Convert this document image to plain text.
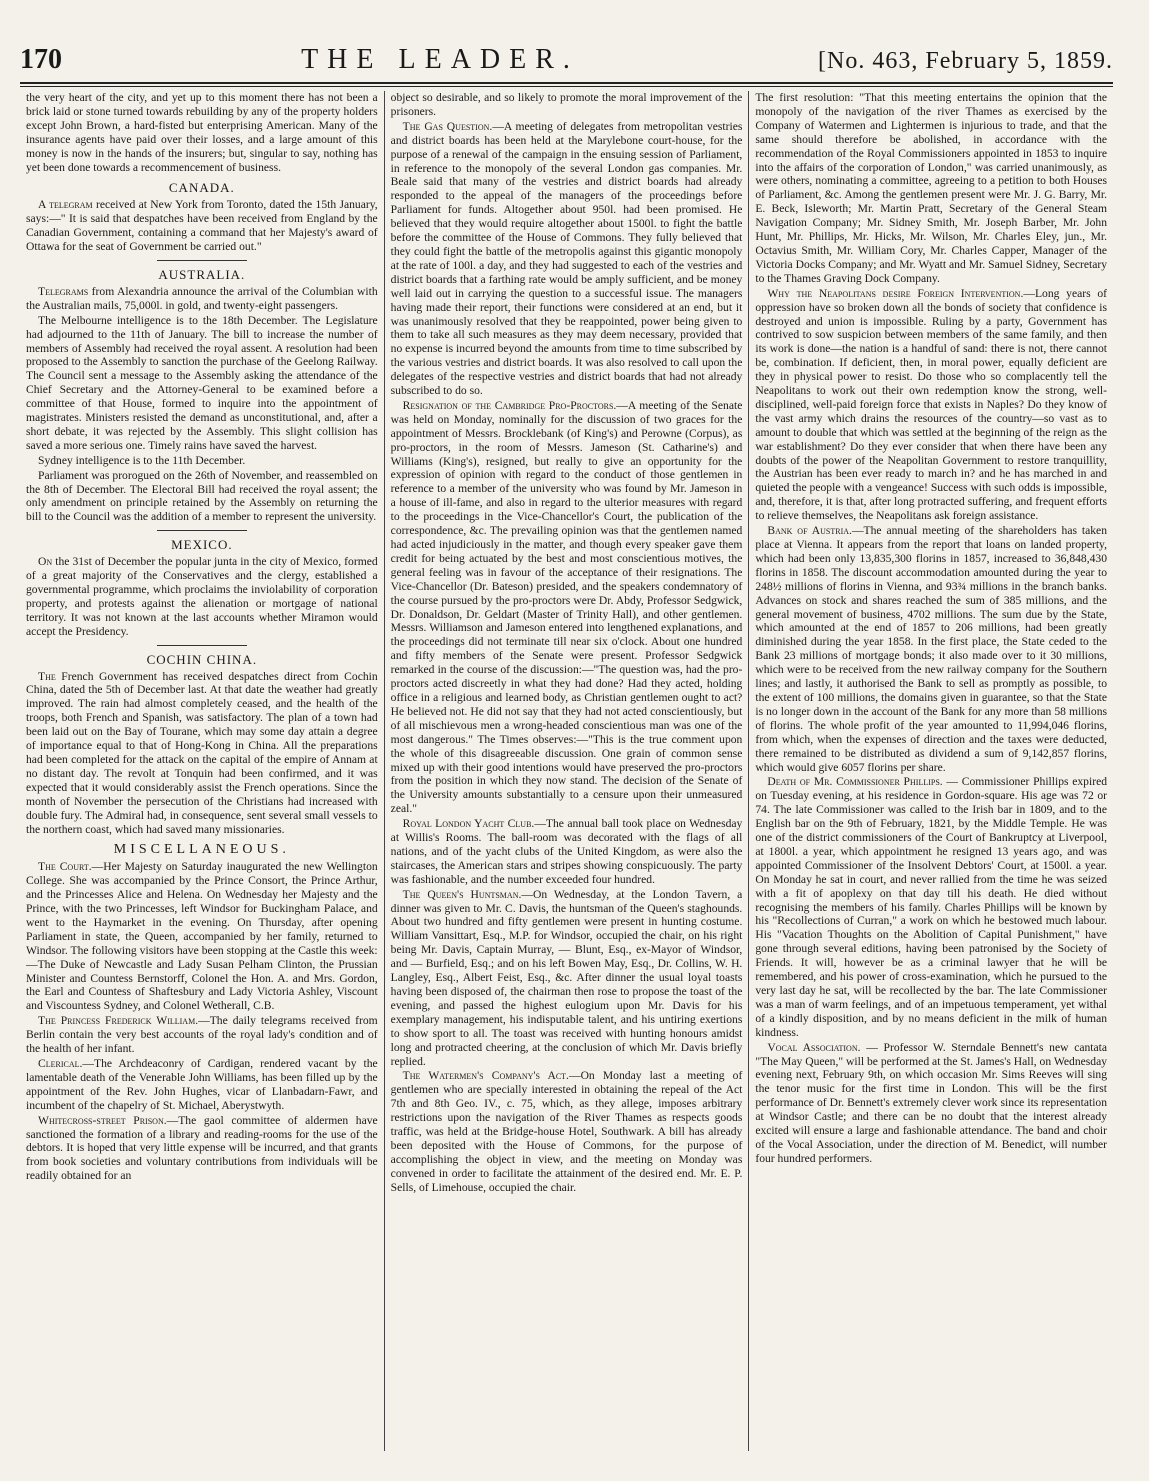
170	THE LEADER.	[No. 463, February 5, 1859.

the very heart of the city, and yet up to this moment there has not been a brick laid or stone turned towards rebuilding by any of the property holders except John Brown, a hard-fisted but enterprising American. Many of the insurance agents have paid over their losses, and a large amount of this money is now in the hands of the insurers; but, singular to say, nothing has yet been done towards a recommencement of business.

CANADA.

A telegram received at New York from Toronto, dated the 15th January, says:—" It is said that despatches have been received from England by the Canadian Government, containing a command that her Majesty's award of Ottawa for the seat of Government be carried out."

AUSTRALIA.

Telegrams from Alexandria announce the arrival of the Columbian with the Australian mails, 75,000l. in gold, and twenty-eight passengers.

The Melbourne intelligence is to the 18th December. The Legislature had adjourned to the 11th of January. The bill to increase the number of members of Assembly had received the royal assent. A resolution had been proposed to the Assembly to sanction the purchase of the Geelong Railway. The Council sent a message to the Assembly asking the attendance of the Chief Secretary and the Attorney-General to be examined before a committee of that House, formed to inquire into the appointment of magistrates. Ministers resisted the demand as unconstitutional, and, after a short debate, it was rejected by the Assembly. This slight collision has saved a more serious one. Timely rains have saved the harvest.

Sydney intelligence is to the 11th December.

Parliament was prorogued on the 26th of November, and reassembled on the 8th of December. The Electoral Bill had received the royal assent; the only amendment on principle retained by the Assembly on returning the bill to the Council was the addition of a member to represent the university.

MEXICO.

On the 31st of December the popular junta in the city of Mexico, formed of a great majority of the Conservatives and the clergy, established a governmental programme, which proclaims the inviolability of corporation property, and protests against the alienation or mortgage of national territory. It was not known at the last accounts whether Miramon would accept the Presidency.

COCHIN CHINA.

The French Government has received despatches direct from Cochin China, dated the 5th of December last. At that date the weather had greatly improved. The rain had almost completely ceased, and the health of the troops, both French and Spanish, was satisfactory. The plan of a town had been laid out on the Bay of Tourane, which may some day attain a degree of importance equal to that of Hong-Kong in China. All the preparations had been completed for the attack on the capital of the empire of Annam at no distant day. The revolt at Tonquin had been confirmed, and it was expected that it would considerably assist the French operations. Since the month of November the persecution of the Christians had increased with double fury. The Admiral had, in consequence, sent several small vessels to the northern coast, which had saved many missionaries.

MISCELLANEOUS.

The Court.—Her Majesty on Saturday inaugurated the new Wellington College. She was accompanied by the Prince Consort, the Prince Arthur, and the Princesses Alice and Helena. On Wednesday her Majesty and the Prince, with the two Princesses, left Windsor for Buckingham Palace, and went to the Haymarket in the evening. On Thursday, after opening Parliament in state, the Queen, accompanied by her family, returned to Windsor. The following visitors have been stopping at the Castle this week:—The Duke of Newcastle and Lady Susan Pelham Clinton, the Prussian Minister and Countess Bernstorff, Colonel the Hon. A. and Mrs. Gordon, the Earl and Countess of Shaftesbury and Lady Victoria Ashley, Viscount and Viscountess Sydney, and Colonel Wetherall, C.B.

The Princess Frederick William.—The daily telegrams received from Berlin contain the very best accounts of the royal lady's condition and of the health of her infant.

Clerical.—The Archdeaconry of Cardigan, rendered vacant by the lamentable death of the Venerable John Williams, has been filled up by the appointment of the Rev. John Hughes, vicar of Llanbadarn-Fawr, and incumbent of the chapelry of St. Michael, Aberystwyth.

Whitecross-street Prison.—The gaol committee of aldermen have sanctioned the formation of a library and reading-rooms for the use of the debtors. It is hoped that very little expense will be incurred, and that grants from book societies and voluntary contributions from individuals will be readily obtained for an

object so desirable, and so likely to promote the moral improvement of the prisoners.

The Gas Question.—A meeting of delegates from metropolitan vestries and district boards has been held at the Marylebone court-house, for the purpose of a renewal of the campaign in the ensuing session of Parliament, in reference to the monopoly of the several London gas companies. Mr. Beale said that many of the vestries and district boards had already responded to the appeal of the managers of the proceedings before Parliament for funds. Altogether about 950l. had been promised. He believed that they would require altogether about 1500l. to fight the battle before the committee of the House of Commons. They fully believed that they could fight the battle of the metropolis against this gigantic monopoly at the rate of 100l. a day, and they had suggested to each of the vestries and district boards that a farthing rate would be amply sufficient, and be money well laid out in carrying the question to a successful issue. The managers having made their report, their functions were considered at an end, but it was unanimously resolved that they be reappointed, power being given to them to take all such measures as they may deem necessary, provided that no expense is incurred beyond the amounts from time to time subscribed by the various vestries and district boards. It was also resolved to call upon the delegates of the respective vestries and district boards that had not already subscribed to do so.

Resignation of the Cambridge Pro-Proctors.—A meeting of the Senate was held on Monday, nominally for the discussion of two graces for the appointment of Messrs. Brocklebank (of King's) and Perowne (Corpus), as pro-proctors, in the room of Messrs. Jameson (St. Catharine's) and Williams (King's), resigned, but really to give an opportunity for the expression of opinion with regard to the conduct of those gentlemen in reference to a member of the university who was found by Mr. Jameson in a house of ill-fame, and also in regard to the ulterior measures with regard to the proceedings in the Vice-Chancellor's Court, the publication of the correspondence, &c. The prevailing opinion was that the gentlemen named had acted injudiciously in the matter, and though every speaker gave them credit for being actuated by the best and most conscientious motives, the general feeling was in favour of the acceptance of their resignations. The Vice-Chancellor (Dr. Bateson) presided, and the speakers condemnatory of the course pursued by the pro-proctors were Dr. Abdy, Professor Sedgwick, Dr. Donaldson, Dr. Geldart (Master of Trinity Hall), and other gentlemen. Messrs. Williamson and Jameson entered into lengthened explanations, and the proceedings did not terminate till near six o'clock. About one hundred and fifty members of the Senate were present. Professor Sedgwick remarked in the course of the discussion:—"The question was, had the pro-proctors acted discreetly in what they had done? Had they acted, holding office in a religious and learned body, as Christian gentlemen ought to act? He believed not. He did not say that they had not acted conscientiously, but of all mischievous men a wrong-headed conscientious man was one of the most dangerous." The Times observes:—"This is the true comment upon the whole of this disagreeable discussion. One grain of common sense mixed up with their good intentions would have preserved the pro-proctors from the position in which they now stand. The decision of the Senate of the University amounts substantially to a censure upon their unmeasured zeal."

Royal London Yacht Club.—The annual ball took place on Wednesday at Willis's Rooms. The ball-room was decorated with the flags of all nations, and of the yacht clubs of the United Kingdom, as were also the staircases, the American stars and stripes showing conspicuously. The party was fashionable, and the number exceeded four hundred.

The Queen's Huntsman.—On Wednesday, at the London Tavern, a dinner was given to Mr. C. Davis, the huntsman of the Queen's staghounds. About two hundred and fifty gentlemen were present in hunting costume. William Vansittart, Esq., M.P. for Windsor, occupied the chair, on his right being Mr. Davis, Captain Murray, — Blunt, Esq., ex-Mayor of Windsor, and — Burfield, Esq.; and on his left Bowen May, Esq., Dr. Collins, W. H. Langley, Esq., Albert Feist, Esq., &c. After dinner the usual loyal toasts having been disposed of, the chairman then rose to propose the toast of the evening, and passed the highest eulogium upon Mr. Davis for his exemplary management, his indisputable talent, and his untiring exertions to show sport to all. The toast was received with hunting honours amidst long and protracted cheering, at the conclusion of which Mr. Davis briefly replied.

The Watermen's Company's Act.—On Monday last a meeting of gentlemen who are specially interested in obtaining the repeal of the Act 7th and 8th Geo. IV., c. 75, which, as they allege, imposes arbitrary restrictions upon the navigation of the River Thames as respects goods traffic, was held at the Bridge-house Hotel, Southwark. A bill has already been deposited with the House of Commons, for the purpose of accomplishing the object in view, and the meeting on Monday was convened in order to facilitate the attainment of the desired end. Mr. E. P. Sells, of Limehouse, occupied the chair.

The first resolution: "That this meeting entertains the opinion that the monopoly of the navigation of the river Thames as exercised by the Company of Watermen and Lightermen is injurious to trade, and that the same should therefore be abolished, in accordance with the recommendation of the Royal Commissioners appointed in 1853 to inquire into the affairs of the corporation of London," was carried unanimously, as were others, nominating a committee, agreeing to a petition to both Houses of Parliament, &c. Among the gentlemen present were Mr. J. G. Barry, Mr. E. Beck, Isleworth; Mr. Martin Pratt, Secretary of the General Steam Navigation Company; Mr. Sidney Smith, Mr. Joseph Barber, Mr. John Hunt, Mr. Phillips, Mr. Hicks, Mr. Wilson, Mr. Charles Eley, jun., Mr. Octavius Smith, Mr. William Cory, Mr. Charles Capper, Manager of the Victoria Docks Company; and Mr. Wyatt and Mr. Samuel Sidney, Secretary to the Thames Graving Dock Company.

Why the Neapolitans desire Foreign Intervention.—Long years of oppression have so broken down all the bonds of society that confidence is destroyed and union is impossible. Ruling by a party, Government has contrived to sow suspicion between members of the same family, and then its work is done—the nation is a handful of sand: there is not, there cannot be, combination. If deficient, then, in moral power, equally deficient are they in physical power to resist. Do those who so complacently tell the Neapolitans to work out their own redemption know the strong, well-disciplined, well-paid foreign force that exists in Naples? Do they know of the vast army which drains the resources of the country—so vast as to amount to double that which was settled at the beginning of the reign as the war establishment? Do they ever consider that when there have been any doubts of the power of the Neapolitan Government to restore tranquillity, the Austrian has been ever ready to march in? and he has marched in and quieted the people with a vengeance! Success with such odds is impossible, and, therefore, it is that, after long protracted suffering, and frequent efforts to relieve themselves, the Neapolitans ask foreign assistance.

Bank of Austria.—The annual meeting of the shareholders has taken place at Vienna. It appears from the report that loans on landed property, which had been only 13,835,300 florins in 1857, increased to 36,848,430 florins in 1858. The discount accommodation amounted during the year to 248½ millions of florins in Vienna, and 93¾ millions in the branch banks. Advances on stock and shares reached the sum of 385 millions, and the general movement of business, 4702 millions. The sum due by the State, which amounted at the end of 1857 to 206 millions, had been greatly diminished during the year 1858. In the first place, the State ceded to the Bank 23 millions of mortgage bonds; it also made over to it 30 millions, which were to be received from the new railway company for the Southern lines; and lastly, it authorised the Bank to sell as promptly as possible, to the extent of 100 millions, the domains given in guarantee, so that the State is no longer down in the account of the Bank for any more than 58 millions of florins. The whole profit of the year amounted to 11,994,046 florins, from which, when the expenses of direction and the taxes were deducted, there remained to be distributed as dividend a sum of 9,142,857 florins, which would give 6057 florins per share.

Death of Mr. Commissioner Phillips. — Commissioner Phillips expired on Tuesday evening, at his residence in Gordon-square. His age was 72 or 74. The late Commissioner was called to the Irish bar in 1809, and to the English bar on the 9th of February, 1821, by the Middle Temple. He was one of the district commissioners of the Court of Bankruptcy at Liverpool, at 1800l. a year, which appointment he resigned 13 years ago, and was appointed Commissioner of the Insolvent Debtors' Court, at 1500l. a year. On Monday he sat in court, and never rallied from the time he was seized with a fit of apoplexy on that day till his death. He died without recognising the members of his family. Charles Phillips will be known by his "Recollections of Curran," a work on which he bestowed much labour. His "Vacation Thoughts on the Abolition of Capital Punishment," have gone through several editions, having been patronised by the Society of Friends. It will, however be as a criminal lawyer that he will be remembered, and his power of cross-examination, which he pursued to the very last day he sat, will be recollected by the bar. The late Commissioner was a man of warm feelings, and of an impetuous temperament, yet withal of a kindly disposition, and by no means deficient in the milk of human kindness.

Vocal Association. — Professor W. Sterndale Bennett's new cantata "The May Queen," will be performed at the St. James's Hall, on Wednesday evening next, February 9th, on which occasion Mr. Sims Reeves will sing the tenor music for the first time in London. This will be the first performance of Dr. Bennett's extremely clever work since its representation at Windsor Castle; and there can be no doubt that the interest already excited will ensure a large and fashionable attendance. The band and choir of the Vocal Association, under the direction of M. Benedict, will number four hundred performers.
